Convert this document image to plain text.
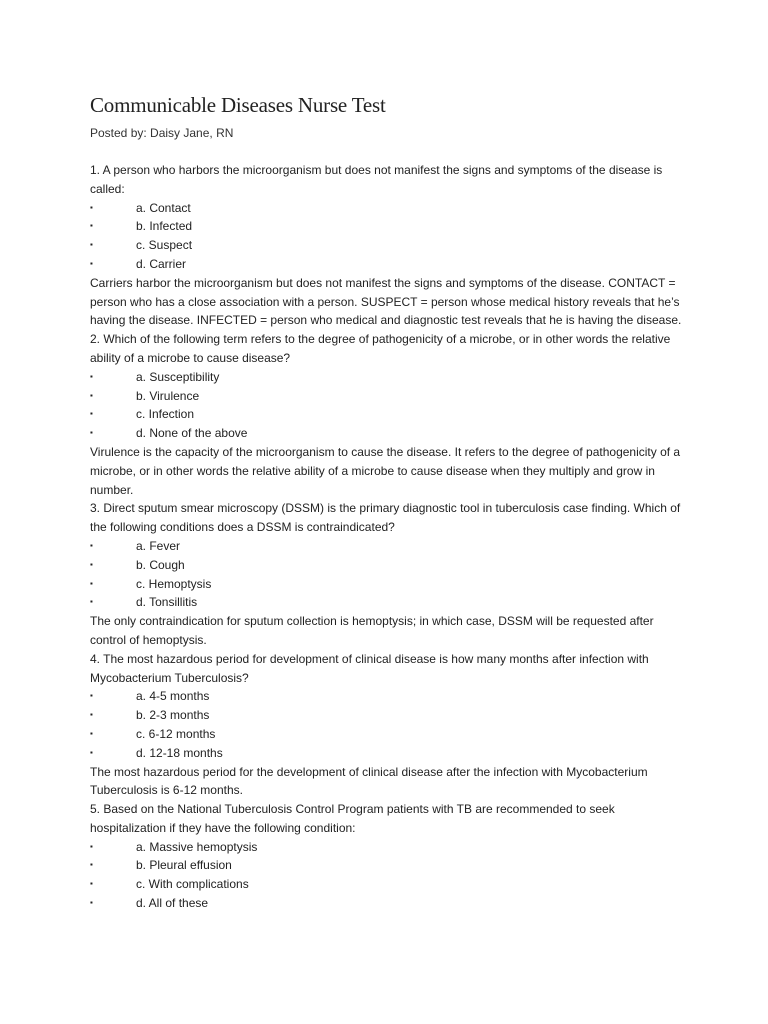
Communicable Diseases Nurse Test
Posted by: Daisy Jane, RN

1. A person who harbors the microorganism but does not manifest the signs and symptoms of the disease is called:

▪	a. Contact
▪	b. Infected
▪	c. Suspect
▪	d. Carrier

Carriers harbor the microorganism but does not manifest the signs and symptoms of the disease. CONTACT = person who has a close association with a person. SUSPECT = person whose medical history reveals that he’s having the disease. INFECTED = person who medical and diagnostic test reveals that he is having the disease.

2. Which of the following term refers to the degree of pathogenicity of a microbe, or in other words the relative ability of a microbe to cause disease?

▪	a. Susceptibility
▪	b. Virulence
▪	c. Infection
▪	d. None of the above

Virulence is the capacity of the microorganism to cause the disease. It refers to the degree of pathogenicity of a microbe, or in other words the relative ability of a microbe to cause disease when they multiply and grow in number.

3. Direct sputum smear microscopy (DSSM) is the primary diagnostic tool in tuberculosis case finding. Which of the following conditions does a DSSM is contraindicated?

▪	a. Fever
▪	b. Cough
▪	c. Hemoptysis
▪	d. Tonsillitis

The only contraindication for sputum collection is hemoptysis; in which case, DSSM will be requested after control of hemoptysis.

4. The most hazardous period for development of clinical disease is how many months after infection with Mycobacterium Tuberculosis?

▪	a. 4-5 months
▪	b. 2-3 months
▪	c. 6-12 months
▪	d. 12-18 months

The most hazardous period for the development of clinical disease after the infection with Mycobacterium Tuberculosis is 6-12 months.

5. Based on the National Tuberculosis Control Program patients with TB are recommended to seek hospitalization if they have the following condition:

▪	a. Massive hemoptysis
▪	b. Pleural effusion
▪	c. With complications
▪	d. All of these
